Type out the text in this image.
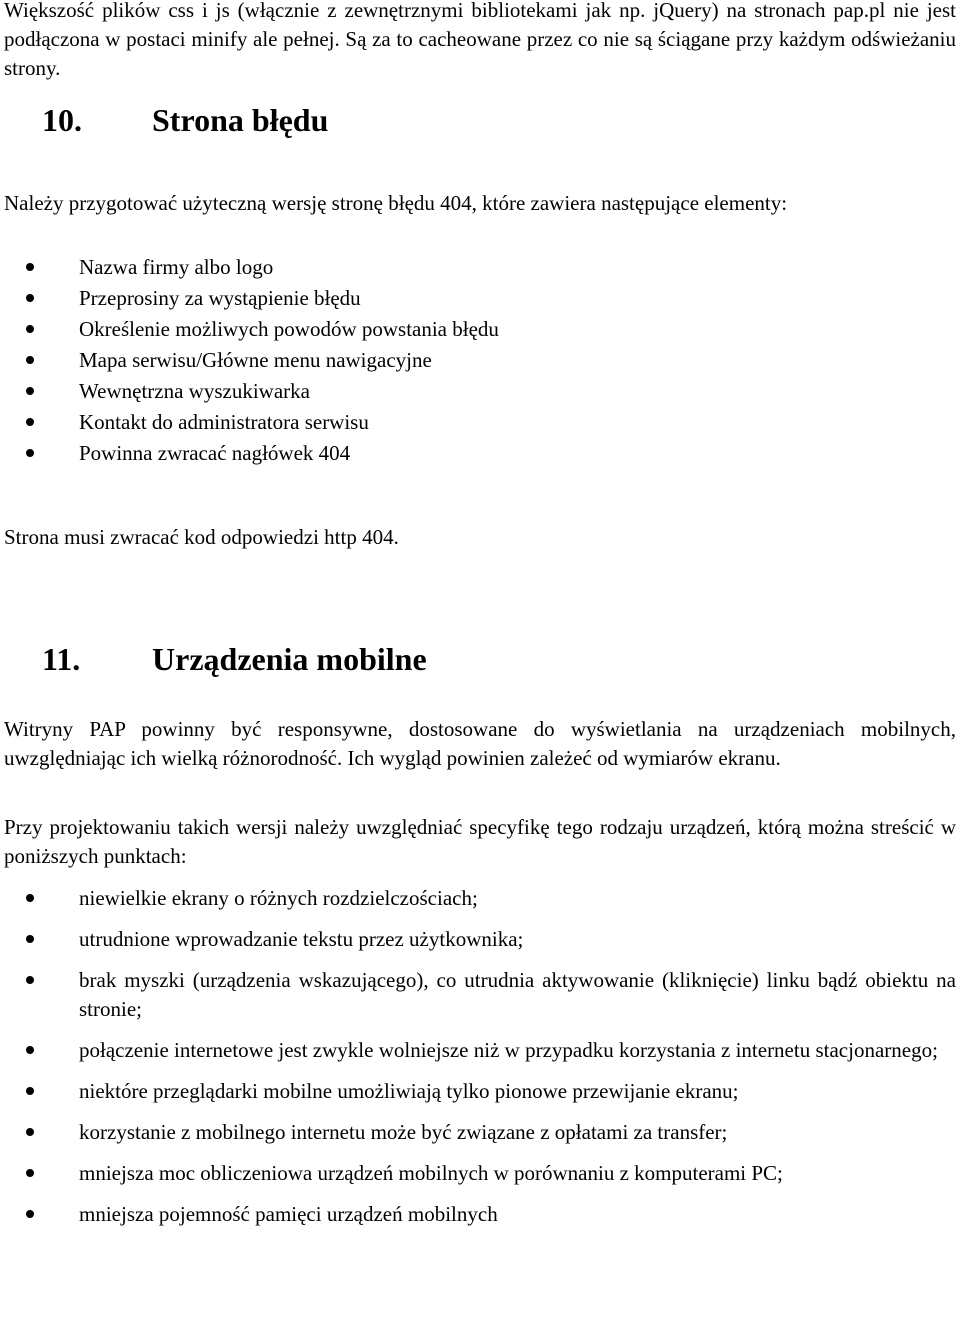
Większość plików css i js (włącznie z zewnętrznymi bibliotekami jak np. jQuery) na stronach pap.pl nie jest podłączona w postaci minify ale pełnej. Są za to cacheowane przez co nie są ściągane przy każdym odświeżaniu strony.

10.	Strona błędu

Należy przygotować użyteczną wersję stronę błędu 404, które zawiera następujące elementy:

Nazwa firmy albo logo
Przeprosiny za wystąpienie błędu
Określenie możliwych powodów powstania błędu
Mapa serwisu/Główne menu nawigacyjne
Wewnętrzna wyszukiwarka
Kontakt do administratora serwisu
Powinna zwracać nagłówek 404

Strona musi zwracać kod odpowiedzi http 404.

11.	Urządzenia mobilne

Witryny PAP powinny być responsywne, dostosowane do wyświetlania na urządzeniach mobilnych, uwzględniając ich wielką różnorodność. Ich wygląd powinien zależeć od wymiarów ekranu.

Przy projektowaniu takich wersji należy uwzględniać specyfikę tego rodzaju urządzeń, którą można streścić w poniższych punktach:

niewielkie ekrany o różnych rozdzielczościach;
utrudnione wprowadzanie tekstu przez użytkownika;
brak myszki (urządzenia wskazującego), co utrudnia aktywowanie (kliknięcie) linku bądź obiektu na stronie;
połączenie internetowe jest zwykle wolniejsze niż w przypadku korzystania z internetu stacjonarnego;
niektóre przeglądarki mobilne umożliwiają tylko pionowe przewijanie ekranu;
korzystanie z mobilnego internetu może być związane z opłatami za transfer;
mniejsza moc obliczeniowa urządzeń mobilnych w porównaniu z komputerami PC;
mniejsza pojemność pamięci urządzeń mobilnych
